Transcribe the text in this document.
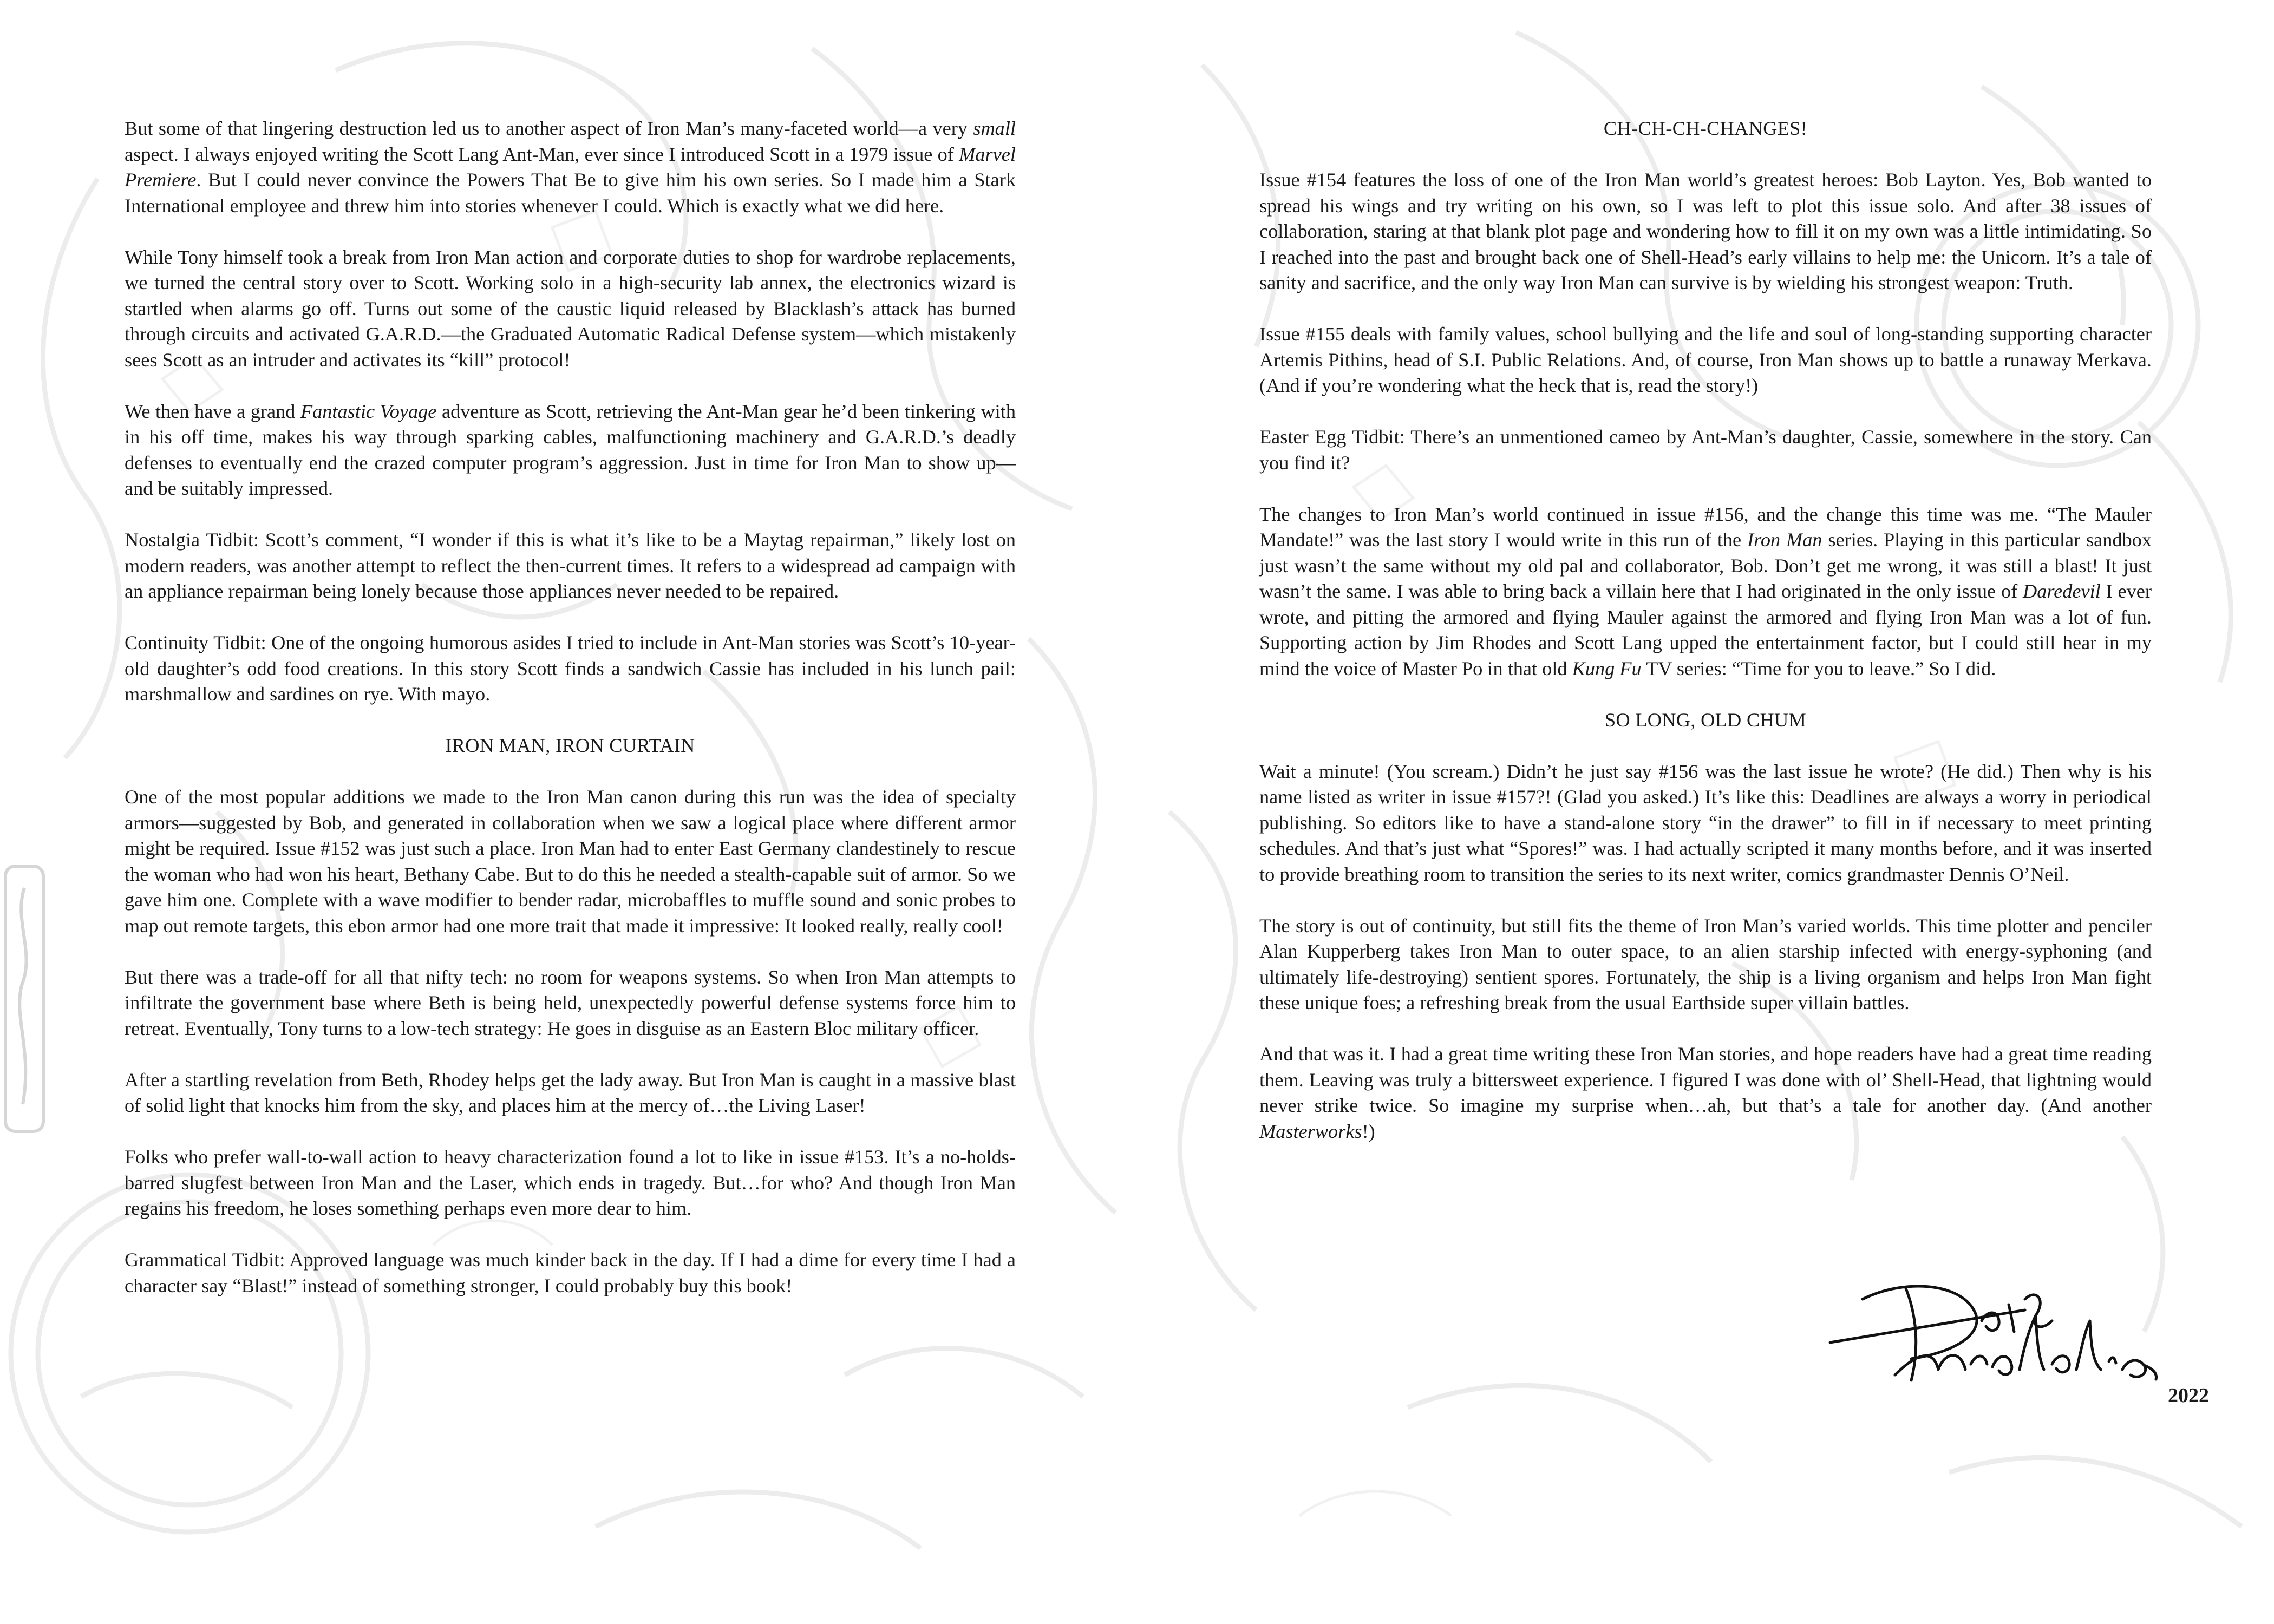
But some of that lingering destruction led us to another aspect of Iron Man’s many-faceted world—a very small aspect. I always enjoyed writing the Scott Lang Ant-Man, ever since I introduced Scott in a 1979 issue of Marvel Premiere. But I could never convince the Powers That Be to give him his own series. So I made him a Stark International employee and threw him into stories whenever I could. Which is exactly what we did here.

While Tony himself took a break from Iron Man action and corporate duties to shop for wardrobe replacements, we turned the central story over to Scott. Working solo in a high-security lab annex, the electronics wizard is startled when alarms go off. Turns out some of the caustic liquid released by Blacklash’s attack has burned through circuits and activated G.A.R.D.—the Graduated Automatic Radical Defense system—which mistakenly sees Scott as an intruder and activates its “kill” protocol!

We then have a grand Fantastic Voyage adventure as Scott, retrieving the Ant-Man gear he’d been tinkering with in his off time, makes his way through sparking cables, malfunctioning machinery and G.A.R.D.’s deadly defenses to eventually end the crazed computer program’s aggression. Just in time for Iron Man to show up—and be suitably impressed.

Nostalgia Tidbit: Scott’s comment, “I wonder if this is what it’s like to be a Maytag repairman,” likely lost on modern readers, was another attempt to reflect the then-current times. It refers to a widespread ad campaign with an appliance repairman being lonely because those appliances never needed to be repaired.

Continuity Tidbit: One of the ongoing humorous asides I tried to include in Ant-Man stories was Scott’s 10-year-old daughter’s odd food creations. In this story Scott finds a sandwich Cassie has included in his lunch pail: marshmallow and sardines on rye. With mayo.

IRON MAN, IRON CURTAIN

One of the most popular additions we made to the Iron Man canon during this run was the idea of specialty armors—suggested by Bob, and generated in collaboration when we saw a logical place where different armor might be required. Issue #152 was just such a place. Iron Man had to enter East Germany clandestinely to rescue the woman who had won his heart, Bethany Cabe. But to do this he needed a stealth-capable suit of armor. So we gave him one. Complete with a wave modifier to bender radar, microbaffles to muffle sound and sonic probes to map out remote targets, this ebon armor had one more trait that made it impressive: It looked really, really cool!

But there was a trade-off for all that nifty tech: no room for weapons systems. So when Iron Man attempts to infiltrate the government base where Beth is being held, unexpectedly powerful defense systems force him to retreat. Eventually, Tony turns to a low-tech strategy: He goes in disguise as an Eastern Bloc military officer.

After a startling revelation from Beth, Rhodey helps get the lady away. But Iron Man is caught in a massive blast of solid light that knocks him from the sky, and places him at the mercy of…the Living Laser!

Folks who prefer wall-to-wall action to heavy characterization found a lot to like in issue #153. It’s a no-holds-barred slugfest between Iron Man and the Laser, which ends in tragedy. But…for who? And though Iron Man regains his freedom, he loses something perhaps even more dear to him.

Grammatical Tidbit: Approved language was much kinder back in the day. If I had a dime for every time I had a character say “Blast!” instead of something stronger, I could probably buy this book!

CH-CH-CH-CHANGES!

Issue #154 features the loss of one of the Iron Man world’s greatest heroes: Bob Layton. Yes, Bob wanted to spread his wings and try writing on his own, so I was left to plot this issue solo. And after 38 issues of collaboration, staring at that blank plot page and wondering how to fill it on my own was a little intimidating. So I reached into the past and brought back one of Shell-Head’s early villains to help me: the Unicorn. It’s a tale of sanity and sacrifice, and the only way Iron Man can survive is by wielding his strongest weapon: Truth.

Issue #155 deals with family values, school bullying and the life and soul of long-standing supporting character Artemis Pithins, head of S.I. Public Relations. And, of course, Iron Man shows up to battle a runaway Merkava. (And if you’re wondering what the heck that is, read the story!)

Easter Egg Tidbit: There’s an unmentioned cameo by Ant-Man’s daughter, Cassie, somewhere in the story. Can you find it?

The changes to Iron Man’s world continued in issue #156, and the change this time was me. “The Mauler Mandate!” was the last story I would write in this run of the Iron Man series. Playing in this particular sandbox just wasn’t the same without my old pal and collaborator, Bob. Don’t get me wrong, it was still a blast! It just wasn’t the same. I was able to bring back a villain here that I had originated in the only issue of Daredevil I ever wrote, and pitting the armored and flying Mauler against the armored and flying Iron Man was a lot of fun. Supporting action by Jim Rhodes and Scott Lang upped the entertainment factor, but I could still hear in my mind the voice of Master Po in that old Kung Fu TV series: “Time for you to leave.” So I did.

SO LONG, OLD CHUM

Wait a minute! (You scream.) Didn’t he just say #156 was the last issue he wrote? (He did.) Then why is his name listed as writer in issue #157?! (Glad you asked.) It’s like this: Deadlines are always a worry in periodical publishing. So editors like to have a stand-alone story “in the drawer” to fill in if necessary to meet printing schedules. And that’s just what “Spores!” was. I had actually scripted it many months before, and it was inserted to provide breathing room to transition the series to its next writer, comics grandmaster Dennis O’Neil.

The story is out of continuity, but still fits the theme of Iron Man’s varied worlds. This time plotter and penciler Alan Kupperberg takes Iron Man to outer space, to an alien starship infected with energy-syphoning (and ultimately life-destroying) sentient spores. Fortunately, the ship is a living organism and helps Iron Man fight these unique foes; a refreshing break from the usual Earthside super villain battles.

And that was it. I had a great time writing these Iron Man stories, and hope readers have had a great time reading them. Leaving was truly a bittersweet experience. I figured I was done with ol’ Shell-Head, that lightning would never strike twice. So imagine my surprise when…ah, but that’s a tale for another day. (And another Masterworks!)

2022
